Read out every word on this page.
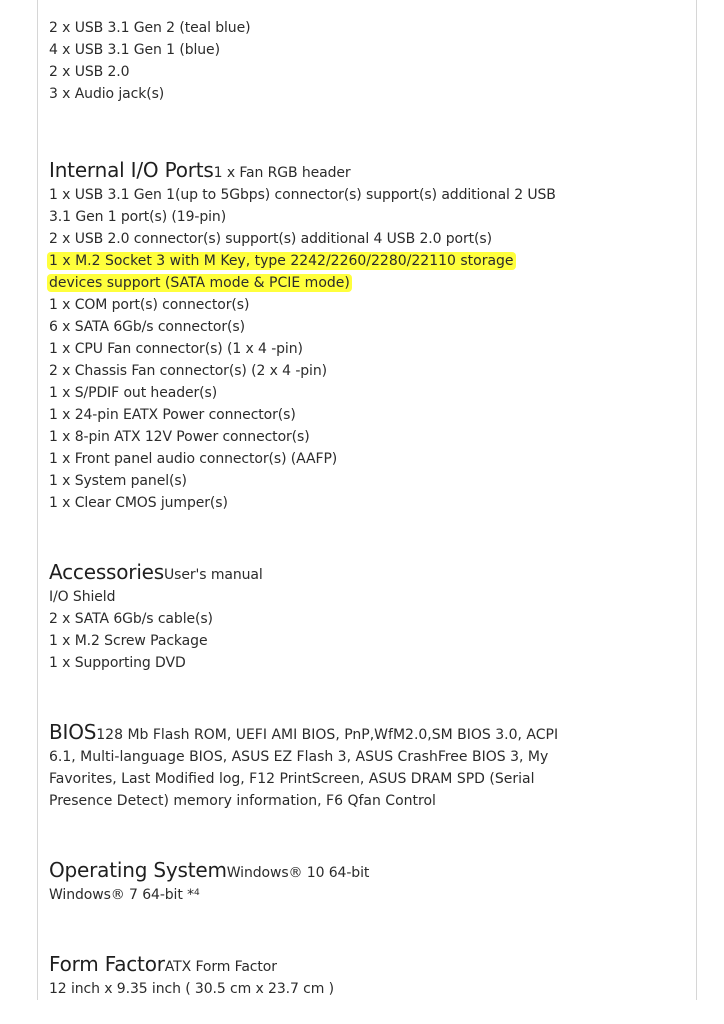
2 x USB 3.1 Gen 2 (teal blue)
4 x USB 3.1 Gen 1 (blue)
2 x USB 2.0
3 x Audio jack(s)
Internal I/O Ports1 x Fan RGB header
1 x USB 3.1 Gen 1(up to 5Gbps) connector(s) support(s) additional 2 USB 3.1 Gen 1 port(s) (19-pin)
2 x USB 2.0 connector(s) support(s) additional 4 USB 2.0 port(s)
1 x M.2 Socket 3 with M Key, type 2242/2260/2280/22110 storage devices support (SATA mode & PCIE mode)
1 x COM port(s) connector(s)
6 x SATA 6Gb/s connector(s)
1 x CPU Fan connector(s) (1 x 4 -pin)
2 x Chassis Fan connector(s) (2 x 4 -pin)
1 x S/PDIF out header(s)
1 x 24-pin EATX Power connector(s)
1 x 8-pin ATX 12V Power connector(s)
1 x Front panel audio connector(s) (AAFP)
1 x System panel(s)
1 x Clear CMOS jumper(s)
AccessoriesUser's manual
I/O Shield
2 x SATA 6Gb/s cable(s)
1 x M.2 Screw Package
1 x Supporting DVD
BIOS128 Mb Flash ROM, UEFI AMI BIOS, PnP,WfM2.0,SM BIOS 3.0, ACPI 6.1, Multi-language BIOS, ASUS EZ Flash 3, ASUS CrashFree BIOS 3, My Favorites, Last Modified log, F12 PrintScreen, ASUS DRAM SPD (Serial Presence Detect) memory information, F6 Qfan Control
Operating SystemWindows® 10 64-bit
Windows® 7 64-bit *$^4$
Form FactorATX Form Factor
12 inch x 9.35 inch ( 30.5 cm x 23.7 cm )
